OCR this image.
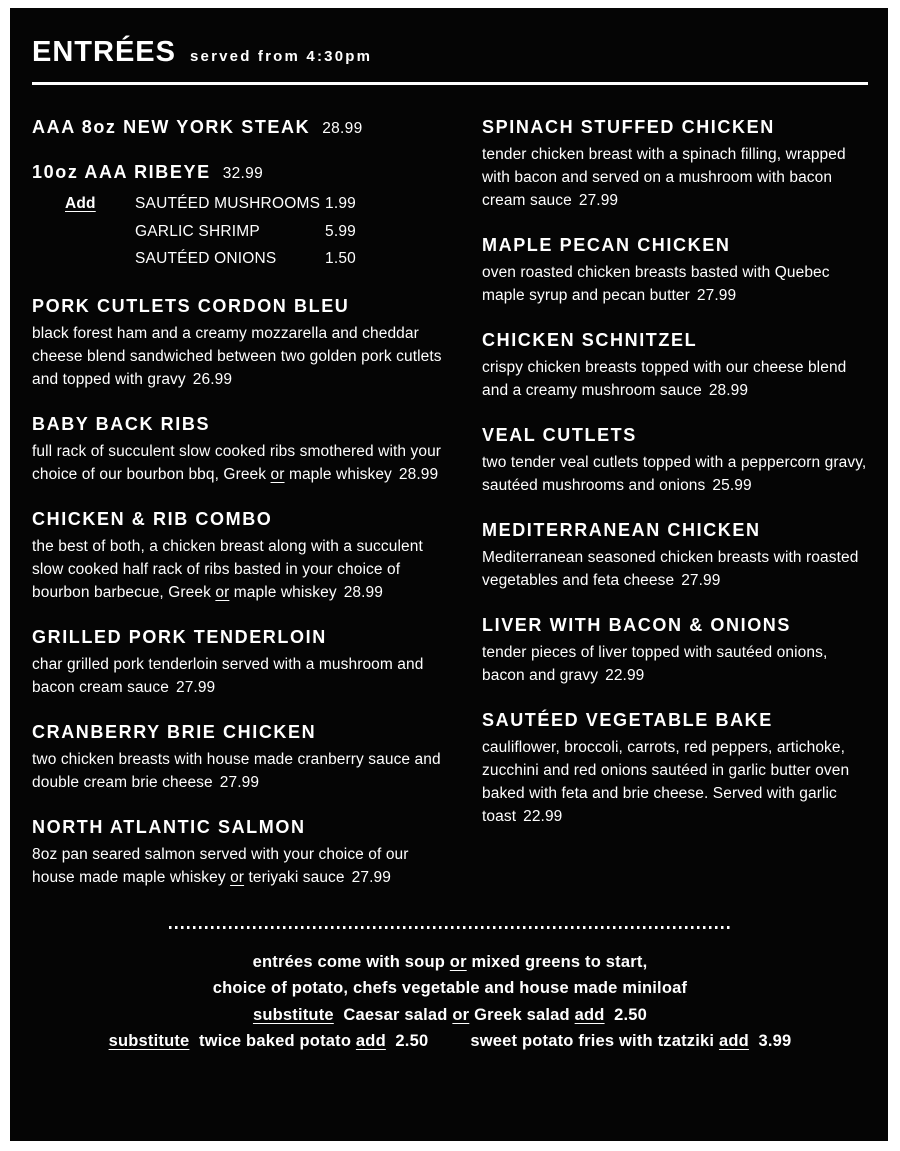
ENTRÉES served from 4:30pm
AAA 8oz NEW YORK STEAK 28.99
10oz AAA RIBEYE 32.99
Add	SAUTÉED MUSHROOMS 1.99
GARLIC SHRIMP	5.99
SAUTÉED ONIONS	1.50
PORK CUTLETS CORDON BLEU

black forest ham and a creamy mozzarella and cheddar cheese blend sandwiched between two golden pork cutlets and topped with gravy 26.99

BABY BACK RIBS

full rack of succulent slow cooked ribs smothered with your choice of our bourbon bbq, Greek or maple whiskey 28.99

CHICKEN & RIB COMBO

the best of both, a chicken breast along with a succulent slow cooked half rack of ribs basted in your choice of bourbon barbecue, Greek or maple whiskey 28.99

GRILLED PORK TENDERLOIN

char grilled pork tenderloin served with a mushroom and bacon cream sauce 27.99

CRANBERRY BRIE CHICKEN

two chicken breasts with house made cranberry sauce and double cream brie cheese 27.99

NORTH ATLANTIC SALMON

8oz pan seared salmon served with your choice of our house made maple whiskey or teriyaki sauce 27.99

SPINACH STUFFED CHICKEN

tender chicken breast with a spinach filling, wrapped with bacon and served on a mushroom with bacon cream sauce 27.99

MAPLE PECAN CHICKEN

oven roasted chicken breasts basted with Quebec maple syrup and pecan butter 27.99

CHICKEN SCHNITZEL

crispy chicken breasts topped with our cheese blend and a creamy mushroom sauce 28.99

VEAL CUTLETS

two tender veal cutlets topped with a peppercorn gravy, sautéed mushrooms and onions 25.99

MEDITERRANEAN CHICKEN

Mediterranean seasoned chicken breasts with roasted vegetables and feta cheese 27.99

LIVER WITH BACON & ONIONS

tender pieces of liver topped with sautéed onions, bacon and gravy 22.99

SAUTÉED VEGETABLE BAKE

cauliflower, broccoli, carrots, red peppers, artichoke, zucchini and red onions sautéed in garlic butter oven baked with feta and brie cheese. Served with garlic toast 22.99

entrées come with soup or mixed greens to start,
choice of potato, chefs vegetable and house made miniloaf
substitute  Caesar salad or Greek salad add  2.50
substitute  twice baked potato add  2.50	sweet potato fries with tzatziki add  3.99
